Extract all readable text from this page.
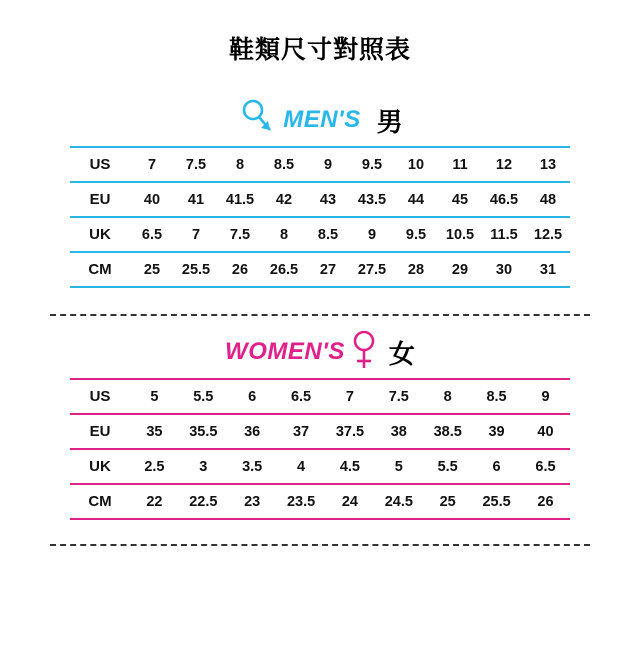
鞋類尺寸對照表
MEN'S 男
US	7	7.5	8	8.5	9	9.5	10	11	12	13
EU	40	41	41.5	42	43	43.5	44	45	46.5	48
UK	6.5	7	7.5	8	8.5	9	9.5	10.5	11.5	12.5
CM	25	25.5	26	26.5	27	27.5	28	29	30	31
WOMEN'S 女
US	5	5.5	6	6.5	7	7.5	8	8.5	9
EU	35	35.5	36	37	37.5	38	38.5	39	40
UK	2.5	3	3.5	4	4.5	5	5.5	6	6.5
CM	22	22.5	23	23.5	24	24.5	25	25.5	26
